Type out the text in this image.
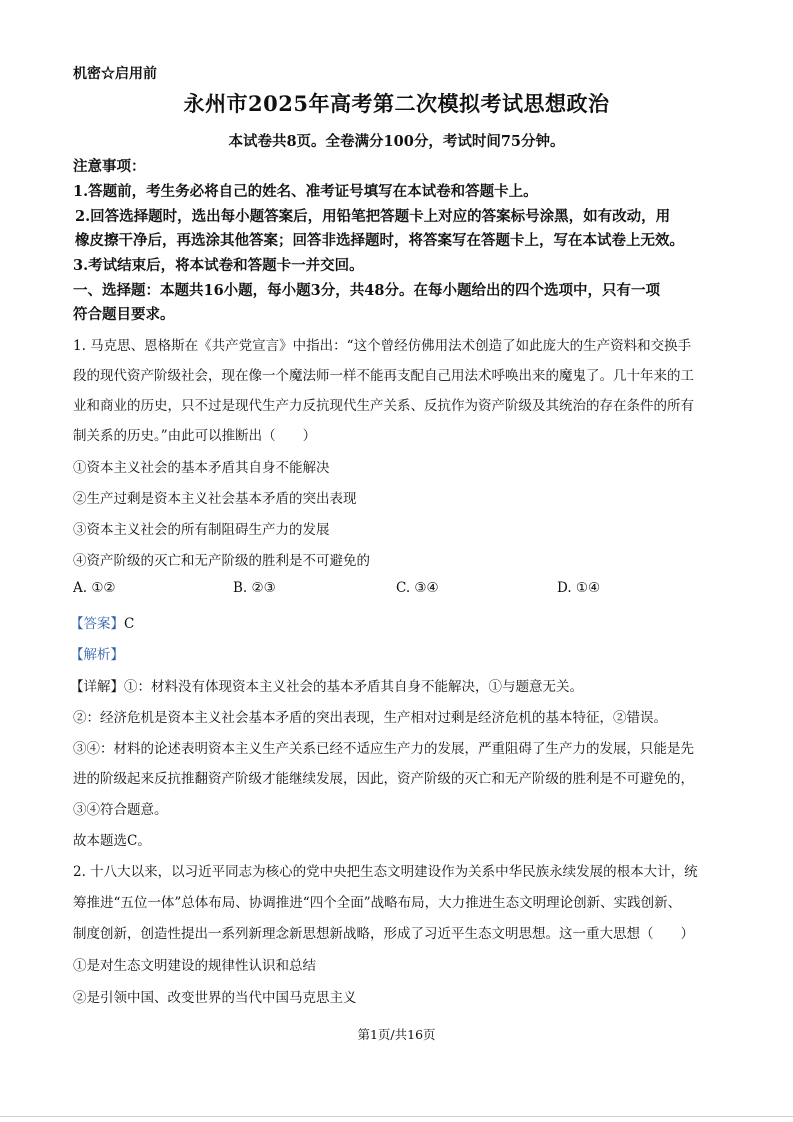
机密☆启用前
永州市2025年高考第二次模拟考试思想政治
本试卷共8页。全卷满分100分，考试时间75分钟。
注意事项：
1.答题前，考生务必将自己的姓名、准考证号填写在本试卷和答题卡上。
2.回答选择题时，选出每小题答案后，用铅笔把答题卡上对应的答案标号涂黑，如有改动，用
橡皮擦干净后，再选涂其他答案；回答非选择题时，将答案写在答题卡上，写在本试卷上无效。
3.考试结束后，将本试卷和答题卡一并交回。
一、选择题：本题共16小题，每小题3分，共48分。在每小题给出的四个选项中，只有一项
符合题目要求。
1. 马克思、恩格斯在《共产党宣言》中指出：“这个曾经仿佛用法术创造了如此庞大的生产资料和交换手
段的现代资产阶级社会，现在像一个魔法师一样不能再支配自己用法术呼唤出来的魔鬼了。几十年来的工
业和商业的历史，只不过是现代生产力反抗现代生产关系、反抗作为资产阶级及其统治的存在条件的所有
制关系的历史。”由此可以推断出（　　）
①资本主义社会的基本矛盾其自身不能解决
②生产过剩是资本主义社会基本矛盾的突出表现
③资本主义社会的所有制阻碍生产力的发展
④资产阶级的灭亡和无产阶级的胜利是不可避免的
A. ①②	B. ②③	C. ③④	D. ①④
【答案】C
【解析】
【详解】①：材料没有体现资本主义社会的基本矛盾其自身不能解决，①与题意无关。
②：经济危机是资本主义社会基本矛盾的突出表现，生产相对过剩是经济危机的基本特征，②错误。
③④：材料的论述表明资本主义生产关系已经不适应生产力的发展，严重阻碍了生产力的发展，只能是先
进的阶级起来反抗推翻资产阶级才能继续发展，因此，资产阶级的灭亡和无产阶级的胜利是不可避免的，
③④符合题意。
故本题选C。
2. 十八大以来，以习近平同志为核心的党中央把生态文明建设作为关系中华民族永续发展的根本大计，统
筹推进“五位一体”总体布局、协调推进“四个全面”战略布局，大力推进生态文明理论创新、实践创新、
制度创新，创造性提出一系列新理念新思想新战略，形成了习近平生态文明思想。这一重大思想（　　）
①是对生态文明建设的规律性认识和总结
②是引领中国、改变世界的当代中国马克思主义
第1页/共16页
